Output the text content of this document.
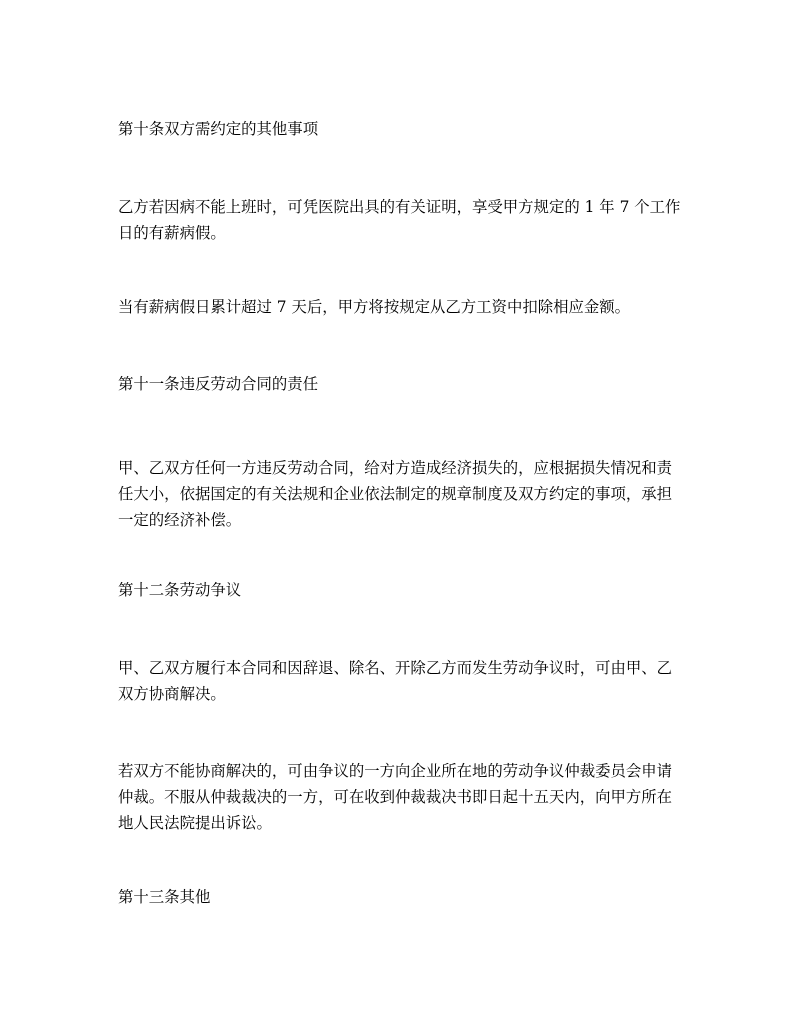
第十条双方需约定的其他事项

乙方若因病不能上班时，可凭医院出具的有关证明，享受甲方规定的 1 年 7 个工作

日的有薪病假。

当有薪病假日累计超过 7 天后，甲方将按规定从乙方工资中扣除相应金额。

第十一条违反劳动合同的责任

甲、乙双方任何一方违反劳动合同，给对方造成经济损失的，应根据损失情况和责

任大小，依据国定的有关法规和企业依法制定的规章制度及双方约定的事项，承担

一定的经济补偿。

第十二条劳动争议

甲、乙双方履行本合同和因辞退、除名、开除乙方而发生劳动争议时，可由甲、乙

双方协商解决。

若双方不能协商解决的，可由争议的一方向企业所在地的劳动争议仲裁委员会申请

仲裁。不服从仲裁裁决的一方，可在收到仲裁裁决书即日起十五天内，向甲方所在

地人民法院提出诉讼。

第十三条其他
